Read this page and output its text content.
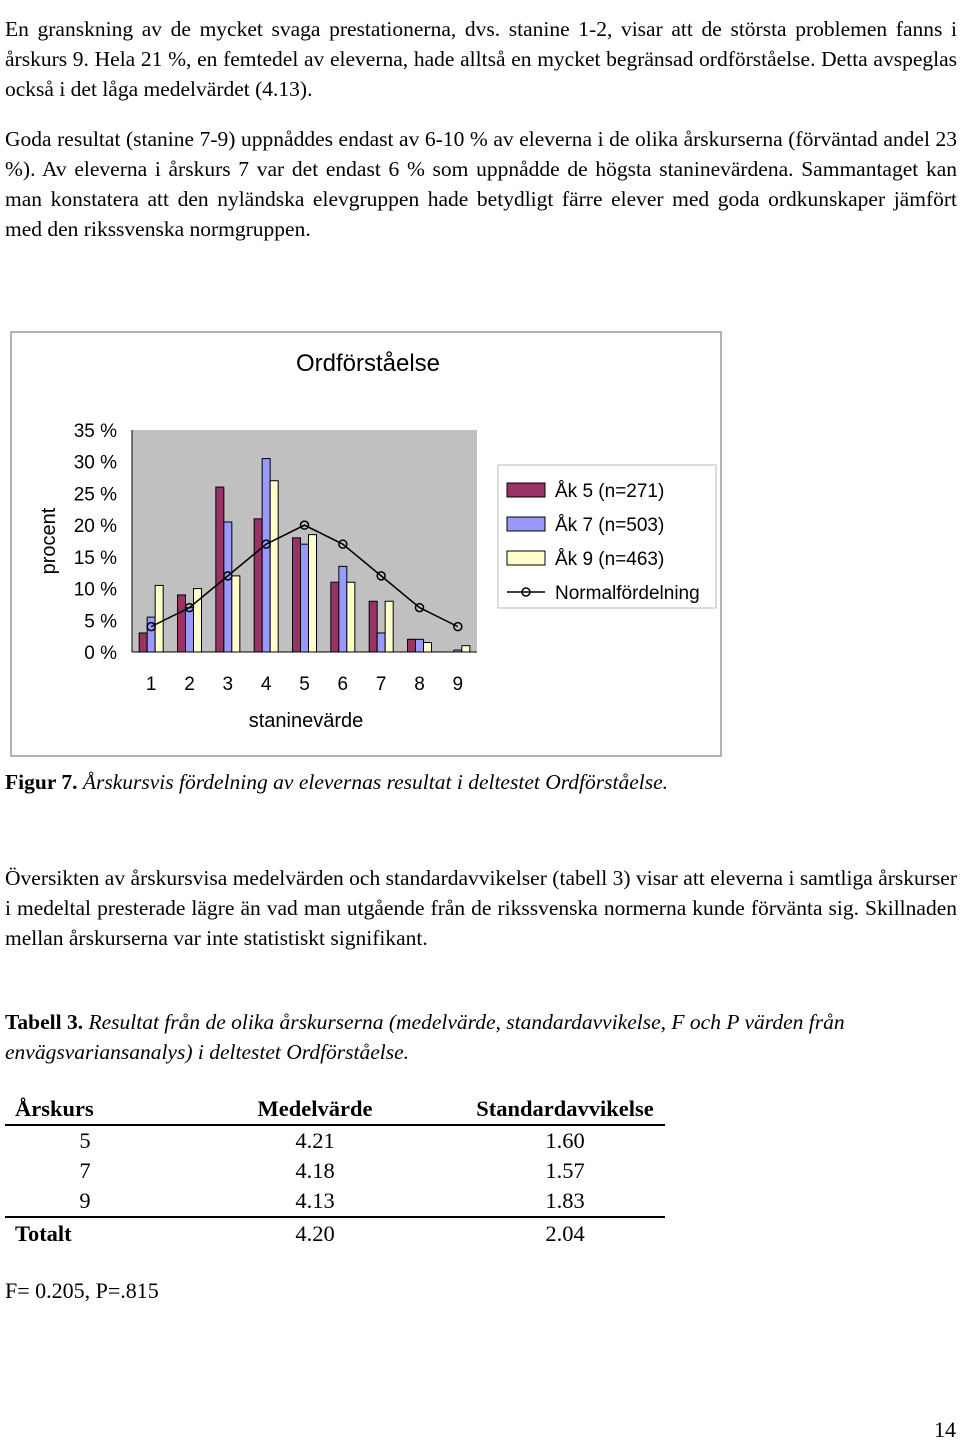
En granskning av de mycket svaga prestationerna, dvs. stanine 1-2, visar att de största problemen fanns i årskurs 9. Hela 21 %, en femtedel av eleverna, hade alltså en mycket begränsad ordförståelse. Detta avspeglas också i det låga medelvärdet (4.13).

Goda resultat (stanine 7-9) uppnåddes endast av 6-10 % av eleverna i de olika årskurserna (förväntad andel 23 %). Av eleverna i årskurs 7 var det endast 6 % som uppnådde de högsta staninevärdena. Sammantaget kan man konstatera att den nyländska elevgruppen hade betydligt färre elever med goda ordkunskaper jämfört med den rikssvenska normgruppen.

Ordförståelse
0 %
5 %
10 %
15 %
20 %
25 %
30 %
35 %
1 2 3 4 5 6 7 8 9
procent
staninevärde
Åk 5 (n=271)
Åk 7 (n=503)
Åk 9 (n=463)
Normalfördelning
Figur 7. Årskursvis fördelning av elevernas resultat i deltestet Ordförståelse.

Översikten av årskursvisa medelvärden och standardavvikelser (tabell 3) visar att eleverna i samtliga årskurser i medeltal presterade lägre än vad man utgående från de rikssvenska normerna kunde förvänta sig. Skillnaden mellan årskurserna var inte statistiskt signifikant.

Tabell 3. Resultat från de olika årskurserna (medelvärde, standardavvikelse, F och P värden från envägsvariansanalys) i deltestet Ordförståelse.
Årskurs	Medelvärde	Standardavvikelse
5	4.21	1.60
7	4.18	1.57
9	4.13	1.83
Totalt	4.20	2.04
F= 0.205, P=.815
14
